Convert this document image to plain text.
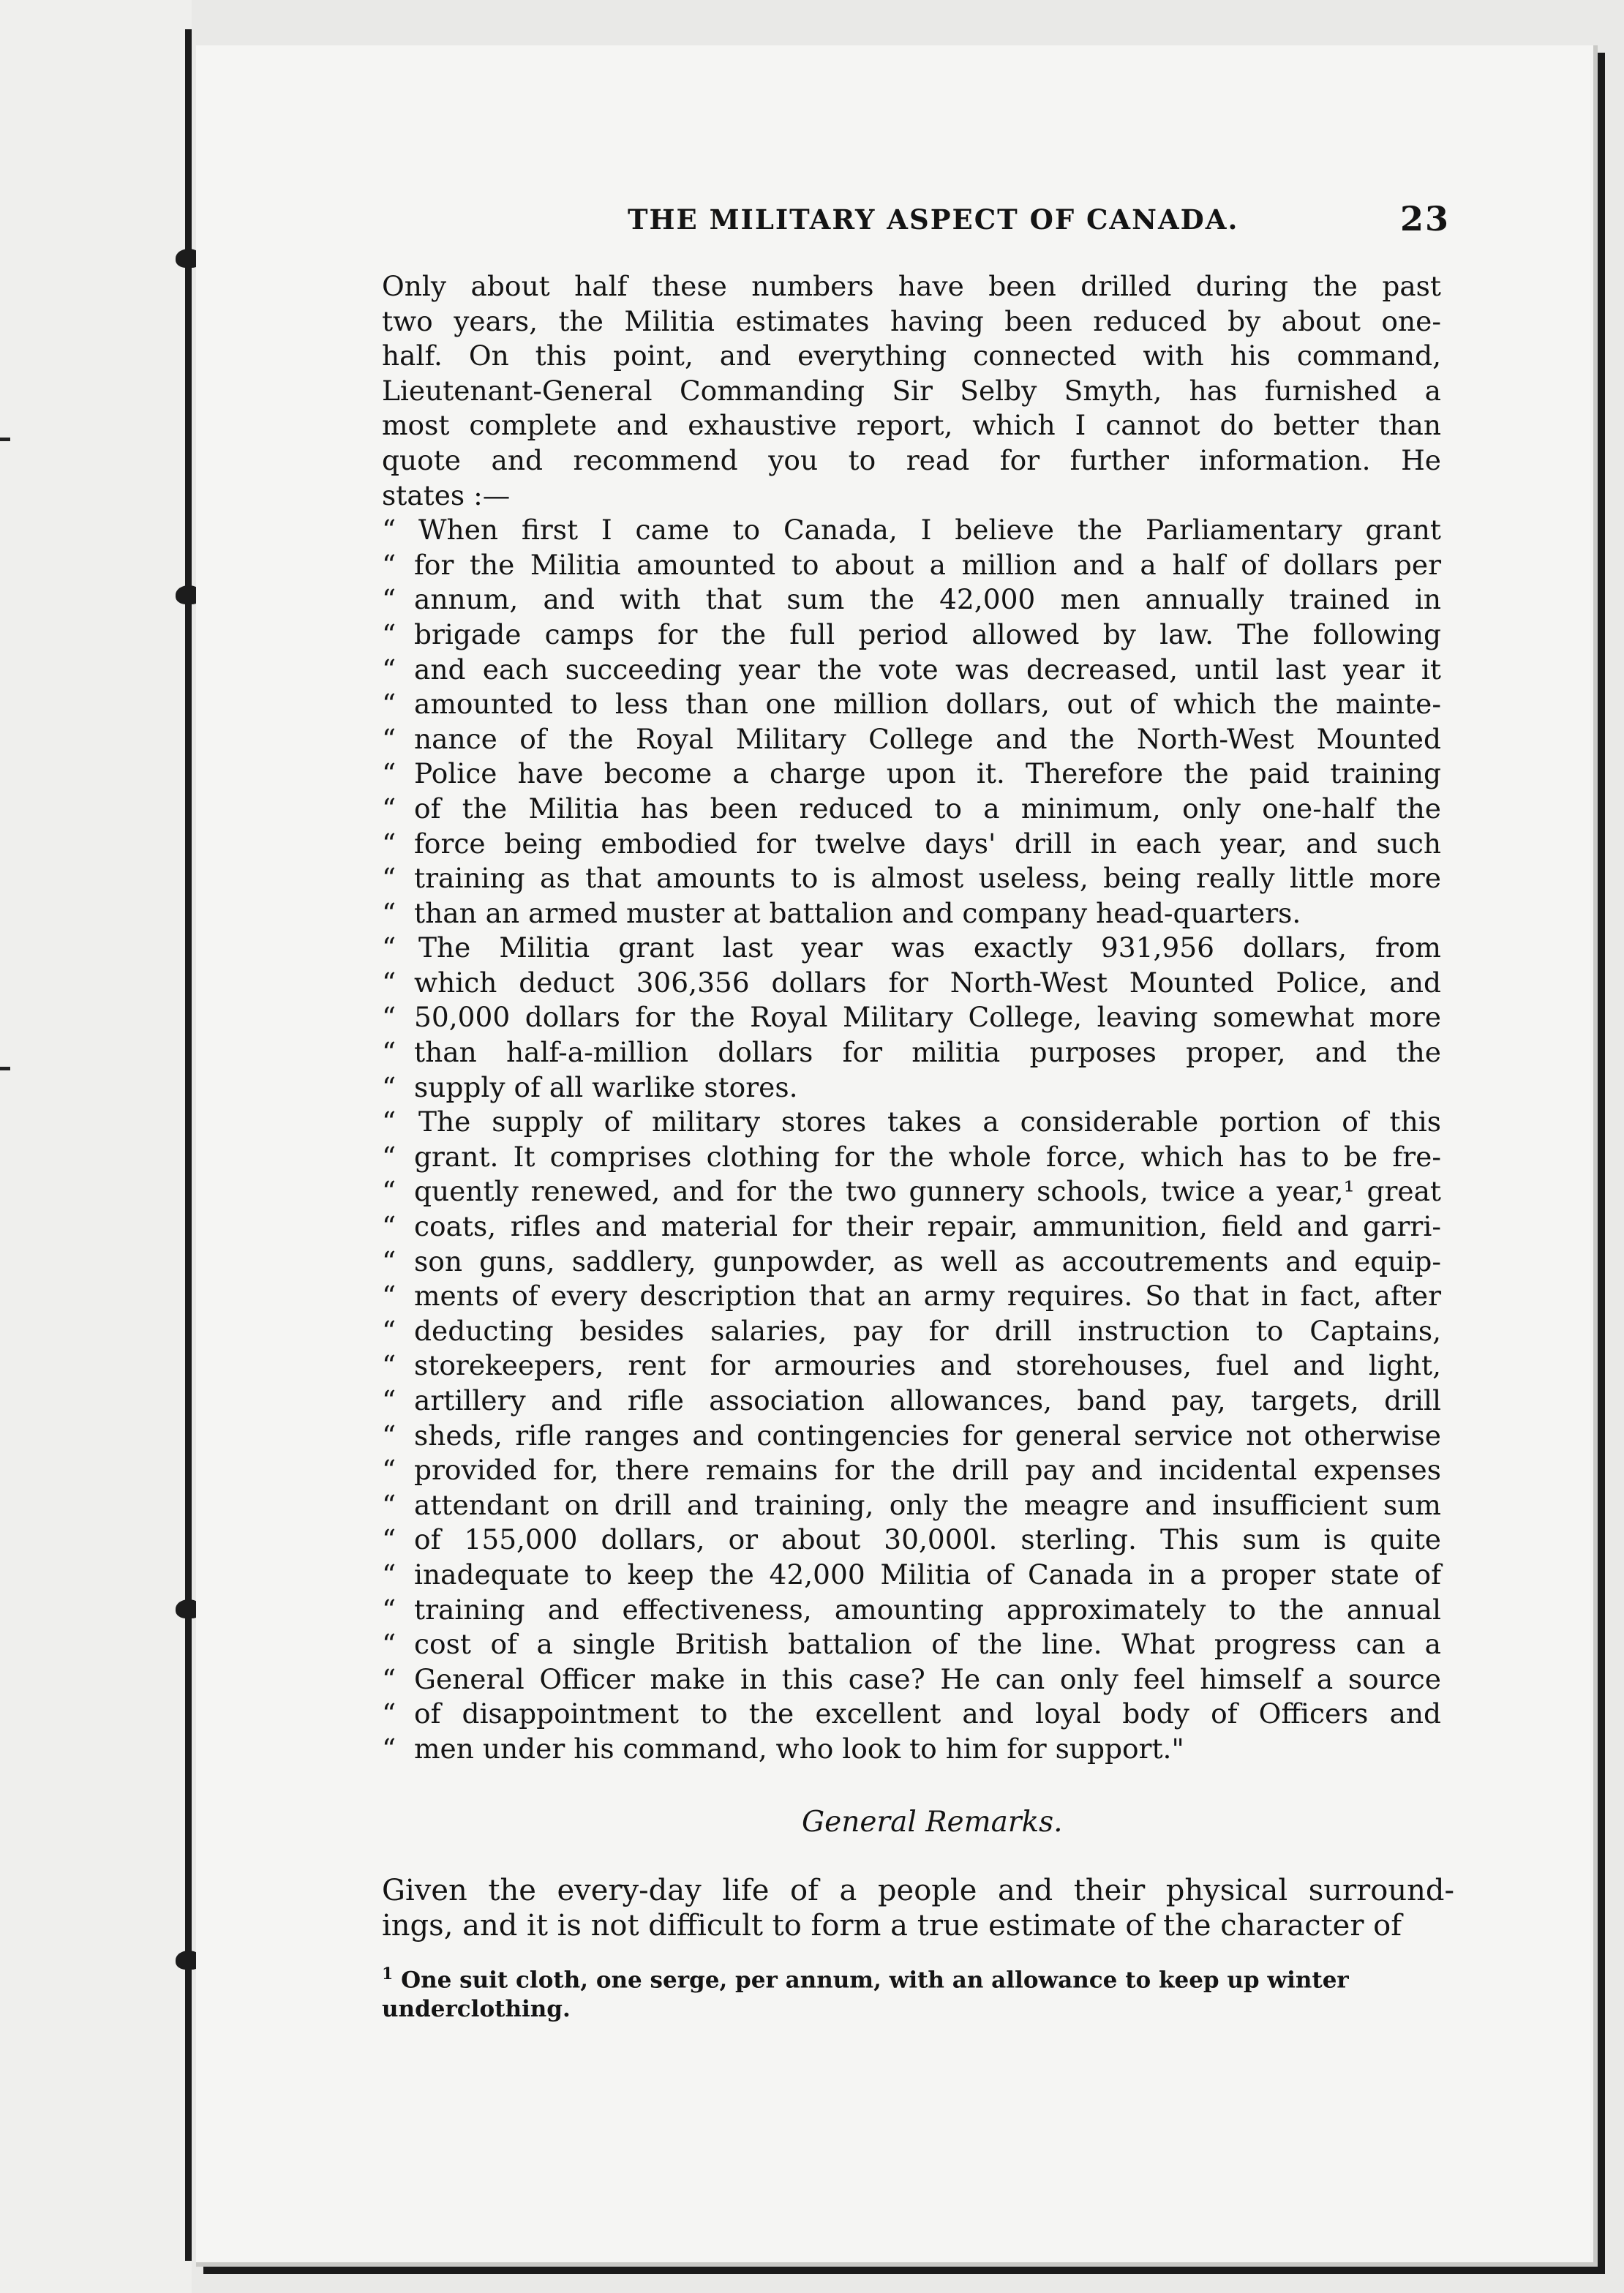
THE MILITARY ASPECT OF CANADA.	23
Only about half these numbers have been drilled during the past
two years, the Militia estimates having been reduced by about one-
half. On this point, and everything connected with his command,
Lieutenant-General Commanding Sir Selby Smyth, has furnished a
most complete and exhaustive report, which I cannot do better than
quote and recommend you to read for further information. He
states :—
“ When first I came to Canada, I believe the Parliamentary grant
“ for the Militia amounted to about a million and a half of dollars per
“ annum, and with that sum the 42,000 men annually trained in
“ brigade camps for the full period allowed by law. The following
“ and each succeeding year the vote was decreased, until last year it
“ amounted to less than one million dollars, out of which the mainte-
“ nance of the Royal Military College and the North-West Mounted
“ Police have become a charge upon it. Therefore the paid training
“ of the Militia has been reduced to a minimum, only one-half the
“ force being embodied for twelve days' drill in each year, and such
“ training as that amounts to is almost useless, being really little more
“ than an armed muster at battalion and company head-quarters.
“ The Militia grant last year was exactly 931,956 dollars, from
“ which deduct 306,356 dollars for North-West Mounted Police, and
“ 50,000 dollars for the Royal Military College, leaving somewhat more
“ than half-a-million dollars for militia purposes proper, and the
“ supply of all warlike stores.
“ The supply of military stores takes a considerable portion of this
“ grant. It comprises clothing for the whole force, which has to be fre-
“ quently renewed, and for the two gunnery schools, twice a year,¹ great
“ coats, rifles and material for their repair, ammunition, field and garri-
“ son guns, saddlery, gunpowder, as well as accoutrements and equip-
“ ments of every description that an army requires. So that in fact, after
“ deducting besides salaries, pay for drill instruction to Captains,
“ storekeepers, rent for armouries and storehouses, fuel and light,
“ artillery and rifle association allowances, band pay, targets, drill
“ sheds, rifle ranges and contingencies for general service not otherwise
“ provided for, there remains for the drill pay and incidental expenses
“ attendant on drill and training, only the meagre and insufficient sum
“ of 155,000 dollars, or about 30,000l. sterling. This sum is quite
“ inadequate to keep the 42,000 Militia of Canada in a proper state of
“ training and effectiveness, amounting approximately to the annual
“ cost of a single British battalion of the line. What progress can a
“ General Officer make in this case? He can only feel himself a source
“ of disappointment to the excellent and loyal body of Officers and
“ men under his command, who look to him for support."
General Remarks.
Given the every-day life of a people and their physical surround-
ings, and it is not difficult to form a true estimate of the character of
$^1$ One suit cloth, one serge, per annum, with an allowance to keep up winter underclothing.
